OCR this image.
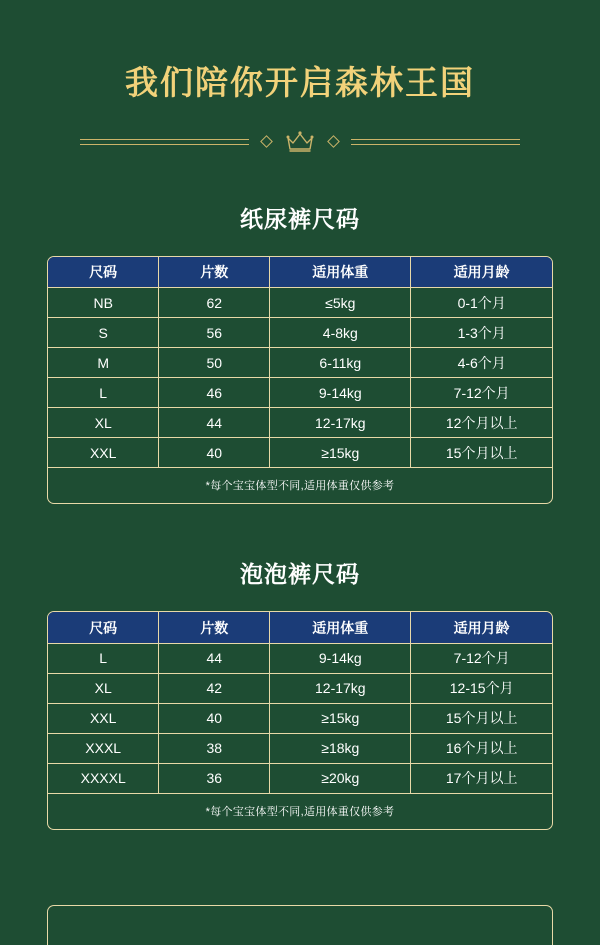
我们陪你开启森林王国
纸尿裤尺码
尺码	片数	适用体重	适用月龄
NB	62	≤5kg	0-1个月
S	56	4-8kg	1-3个月
M	50	6-11kg	4-6个月
L	46	9-14kg	7-12个月
XL	44	12-17kg	12个月以上
XXL	40	≥15kg	15个月以上
*每个宝宝体型不同,适用体重仅供参考
泡泡裤尺码
尺码	片数	适用体重	适用月龄
L	44	9-14kg	7-12个月
XL	42	12-17kg	12-15个月
XXL	40	≥15kg	15个月以上
XXXL	38	≥18kg	16个月以上
XXXXL	36	≥20kg	17个月以上
*每个宝宝体型不同,适用体重仅供参考
